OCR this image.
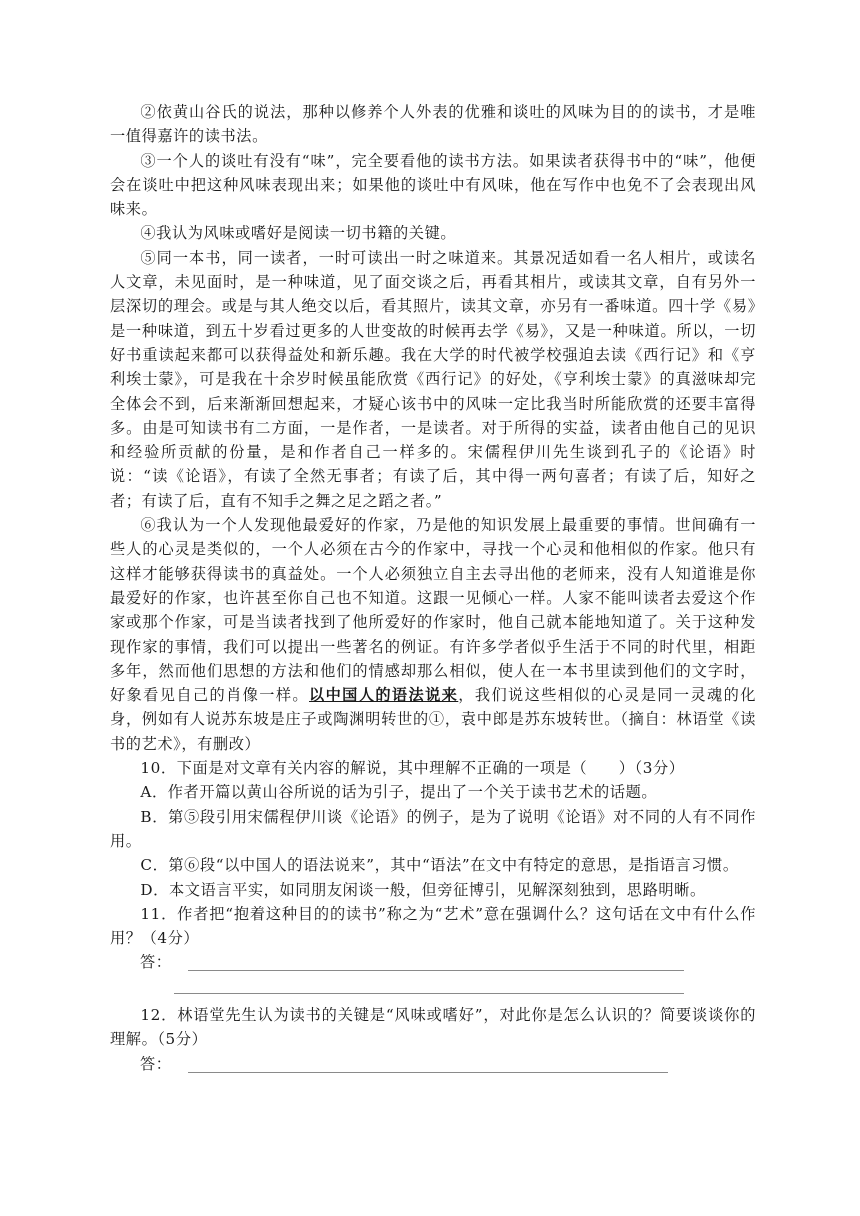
②依黄山谷氏的说法，那种以修养个人外表的优雅和谈吐的风味为目的的读书，才是唯一值得嘉许的读书法。

③一个人的谈吐有没有“味”，完全要看他的读书方法。如果读者获得书中的“味”，他便会在谈吐中把这种风味表现出来；如果他的谈吐中有风味，他在写作中也免不了会表现出风味来。

④我认为风味或嗜好是阅读一切书籍的关键。

⑤同一本书，同一读者，一时可读出一时之味道来。其景况适如看一名人相片，或读名人文章，未见面时，是一种味道，见了面交谈之后，再看其相片，或读其文章，自有另外一层深切的理会。或是与其人绝交以后，看其照片，读其文章，亦另有一番味道。四十学《易》是一种味道，到五十岁看过更多的人世变故的时候再去学《易》，又是一种味道。所以，一切好书重读起来都可以获得益处和新乐趣。我在大学的时代被学校强迫去读《西行记》和《亨利埃士蒙》，可是我在十余岁时候虽能欣赏《西行记》的好处，《亨利埃士蒙》的真滋味却完全体会不到，后来渐渐回想起来，才疑心该书中的风味一定比我当时所能欣赏的还要丰富得多。由是可知读书有二方面，一是作者，一是读者。对于所得的实益，读者由他自己的见识和经验所贡献的份量，是和作者自己一样多的。宋儒程伊川先生谈到孔子的《论语》时说：“读《论语》，有读了全然无事者；有读了后，其中得一两句喜者；有读了后，知好之者；有读了后，直有不知手之舞之足之蹈之者。”

⑥我认为一个人发现他最爱好的作家，乃是他的知识发展上最重要的事情。世间确有一些人的心灵是类似的，一个人必须在古今的作家中，寻找一个心灵和他相似的作家。他只有这样才能够获得读书的真益处。一个人必须独立自主去寻出他的老师来，没有人知道谁是你最爱好的作家，也许甚至你自己也不知道。这跟一见倾心一样。人家不能叫读者去爱这个作家或那个作家，可是当读者找到了他所爱好的作家时，他自己就本能地知道了。关于这种发现作家的事情，我们可以提出一些著名的例证。有许多学者似乎生活于不同的时代里，相距多年，然而他们思想的方法和他们的情感却那么相似，使人在一本书里读到他们的文字时，好象看见自己的肖像一样。以中国人的语法说来，我们说这些相似的心灵是同一灵魂的化身，例如有人说苏东坡是庄子或陶渊明转世的①，袁中郎是苏东坡转世。（摘自：林语堂《读书的艺术》，有删改）

10．下面是对文章有关内容的解说，其中理解不正确的一项是（　　）（3分）

A．作者开篇以黄山谷所说的话为引子，提出了一个关于读书艺术的话题。

B．第⑤段引用宋儒程伊川谈《论语》的例子，是为了说明《论语》对不同的人有不同作用。

C．第⑥段“以中国人的语法说来”，其中“语法”在文中有特定的意思，是指语言习惯。

D．本文语言平实，如同朋友闲谈一般，但旁征博引，见解深刻独到，思路明晰。

11．作者把“抱着这种目的的读书”称之为“艺术”意在强调什么？这句话在文中有什么作用？（4分）

答：

12．林语堂先生认为读书的关键是“风味或嗜好”，对此你是怎么认识的？简要谈谈你的理解。（5分）

答：
